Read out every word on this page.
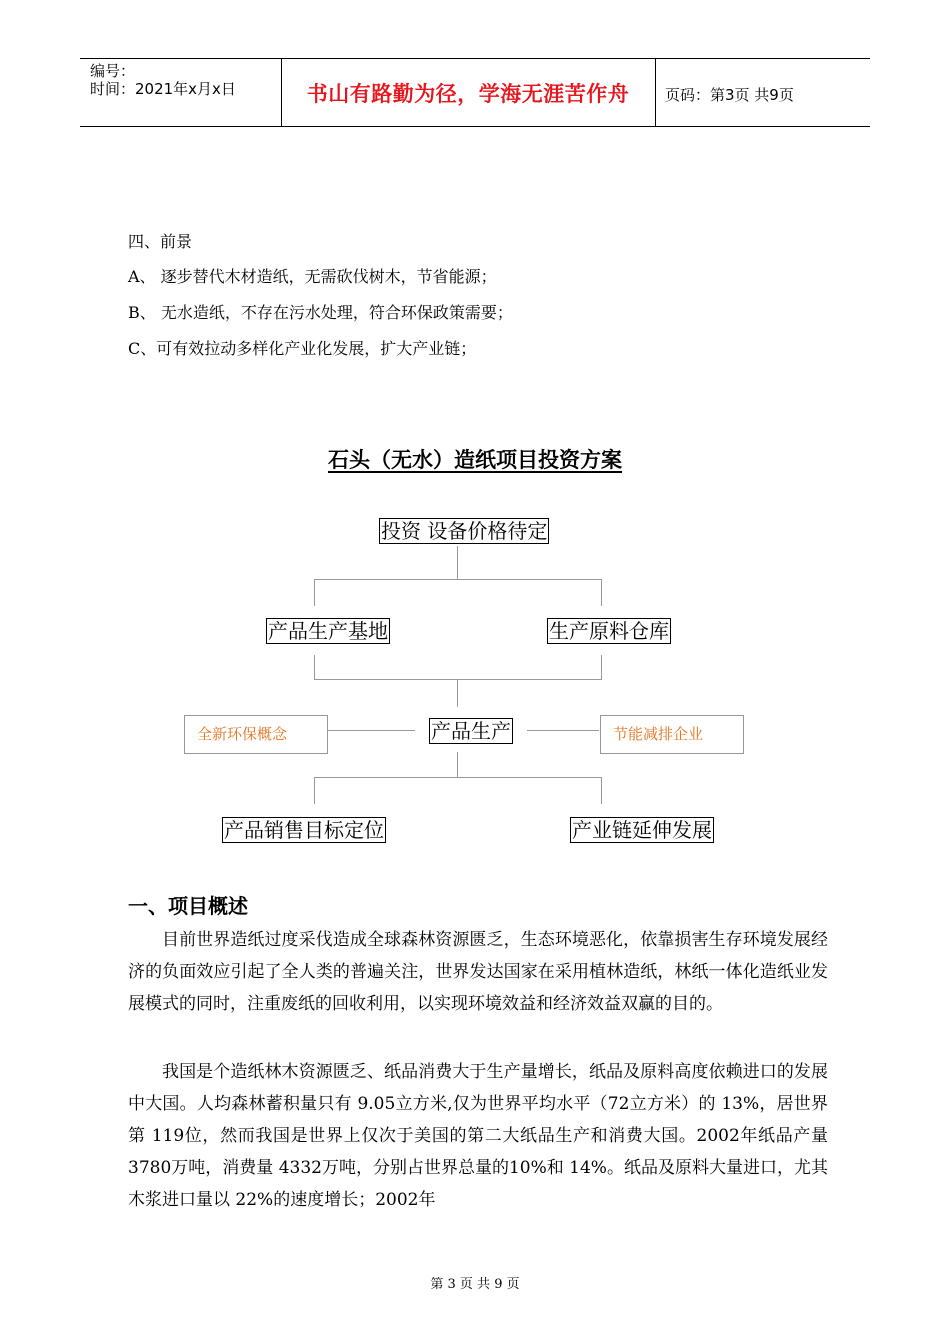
编号：
时间：2021年x月x日	书山有路勤为径，学海无涯苦作舟	页码：第3页 共9页
四、前景
A、 逐步替代木材造纸，无需砍伐树木，节省能源；
B、 无水造纸，不存在污水处理，符合环保政策需要；
C、可有效拉动多样化产业化发展，扩大产业链；
石头（无水）造纸项目投资方案
投资 设备价格待定
产品生产基地	生产原料仓库
产品生产
全新环保概念	节能减排企业
产品销售目标定位	产业链延伸发展
一、项目概述
目前世界造纸过度采伐造成全球森林资源匮乏，生态环境恶化，依靠损害生存环境发展经济的负面效应引起了全人类的普遍关注，世界发达国家在采用植林造纸，林纸一体化造纸业发展模式的同时，注重废纸的回收利用，以实现环境效益和经济效益双赢的目的。
我国是个造纸林木资源匮乏、纸品消费大于生产量增长，纸品及原料高度依赖进口的发展中大国。人均森林蓄积量只有 9.05立方米,仅为世界平均水平（72立方米）的 13%，居世界第 119位，然而我国是世界上仅次于美国的第二大纸品生产和消费大国。2002年纸品产量 3780万吨，消费量 4332万吨，分别占世界总量的10%和 14%。纸品及原料大量进口，尤其木浆进口量以 22%的速度增长；2002年
第 3 页 共 9 页
